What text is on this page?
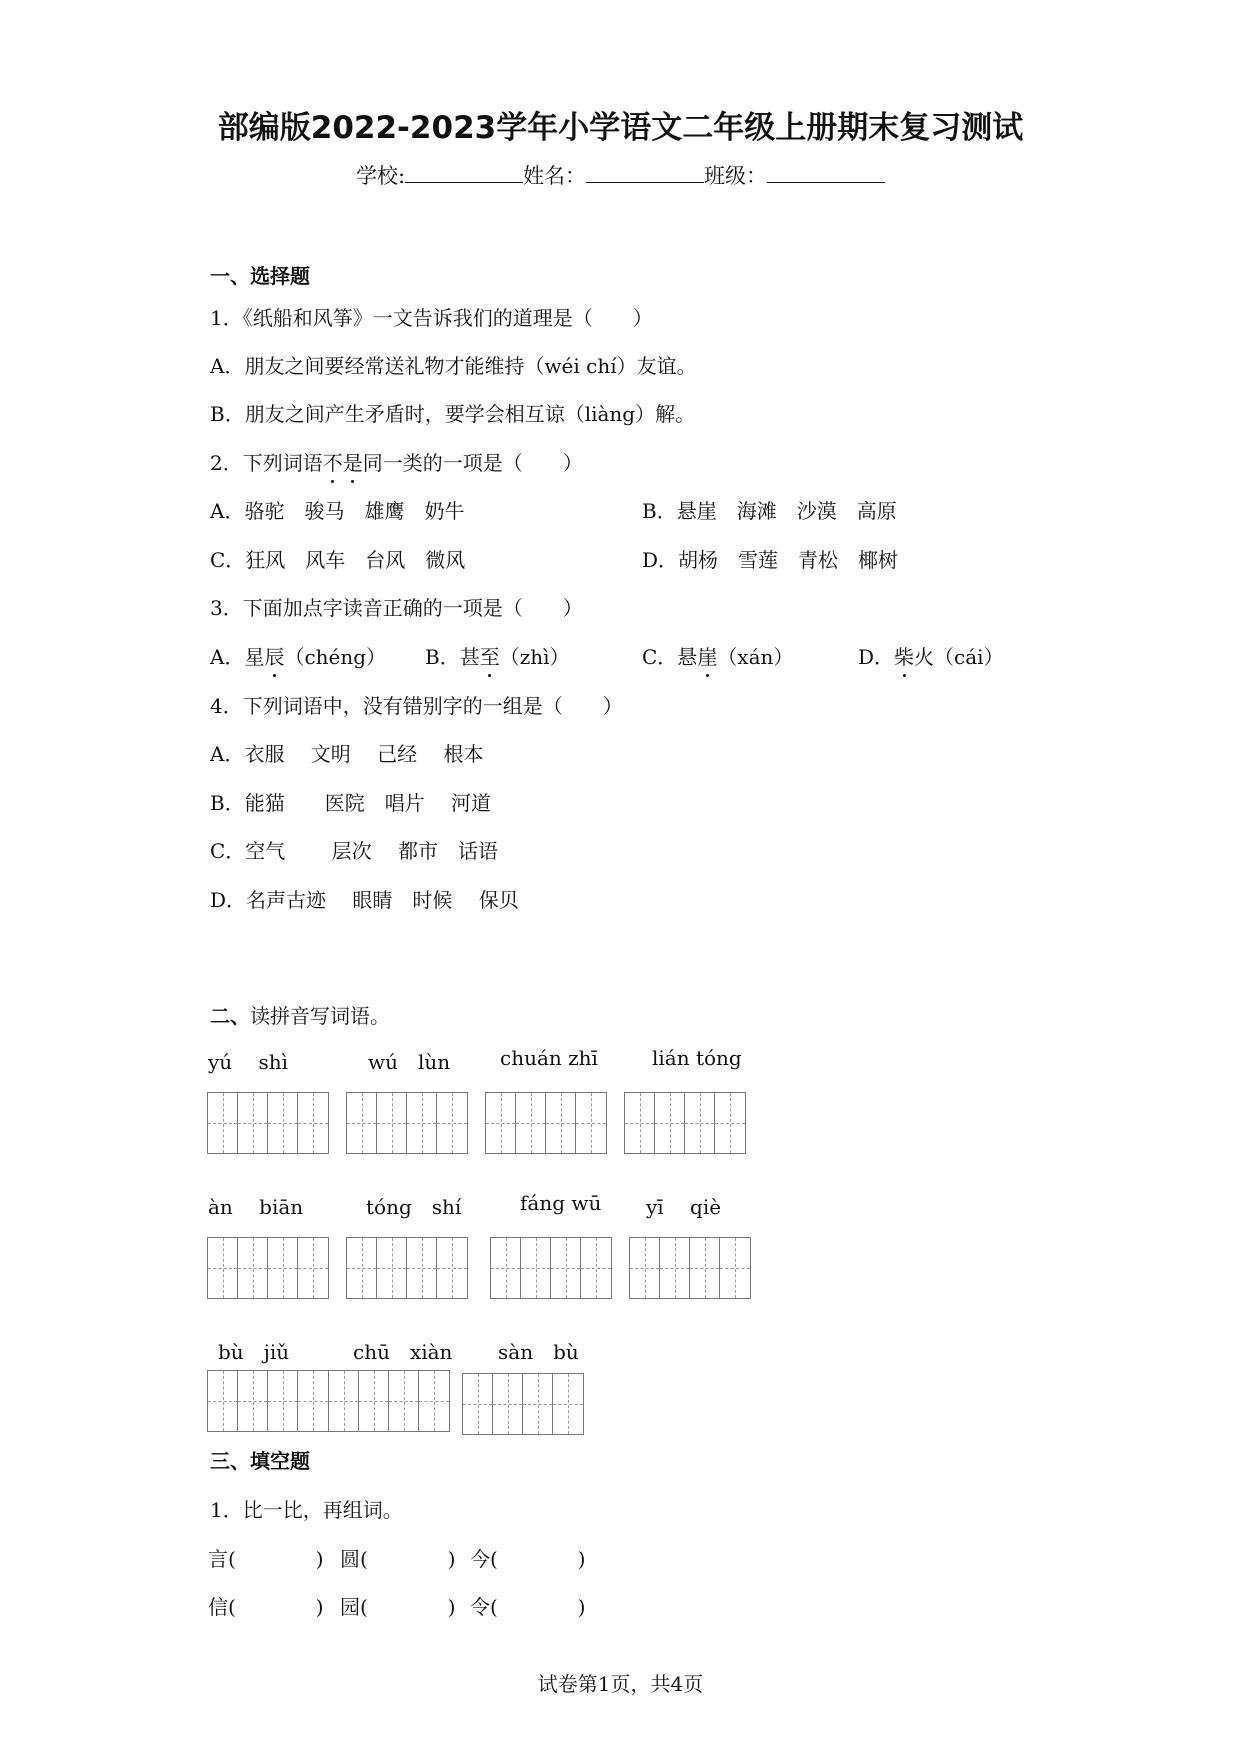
部编版2022-2023学年小学语文二年级上册期末复习测试
学校:	姓名：	班级：
一、选择题
1．《纸船和风筝》一文告诉我们的道理是（　　）
A．朋友之间要经常送礼物才能维持（wéi chí）友谊。
B．朋友之间产生矛盾时，要学会相互谅（liàng）解。
2．下列词语不是同一类的一项是（　　）
A．骆驼　骏马　雄鹰　奶牛	B．悬崖　海滩　沙漠　高原
C．狂风　风车　台风　微风	D．胡杨　雪莲　青松　椰树
3．下面加点字读音正确的一项是（　　）
A．星辰（chéng） B．甚至（zhì）	C．悬崖（xán）	D．柴火（cái）
4．下列词语中，没有错别字的一组是（　　）
A．衣服　 文明　 己经　 根本
B．能猫　　医院　唱片　 河道
C．空气　　 层次　 都市　话语
D．名声古迹　 眼睛　时候　 保贝
二、读拼音写词语。
yú　 shì	wú　lùn chuán zhī	lián tóng
àn　 biān	tóng　shí	fáng wū yī　 qiè
bù　jiǔ	chū　xiàn sàn　bù
三、填空题
1．比一比，再组词。
言(　　　　) 圆(　　　　) 今(　　　　)
信(　　　　) 园(　　　　) 令(　　　　)
试卷第1页，共4页
